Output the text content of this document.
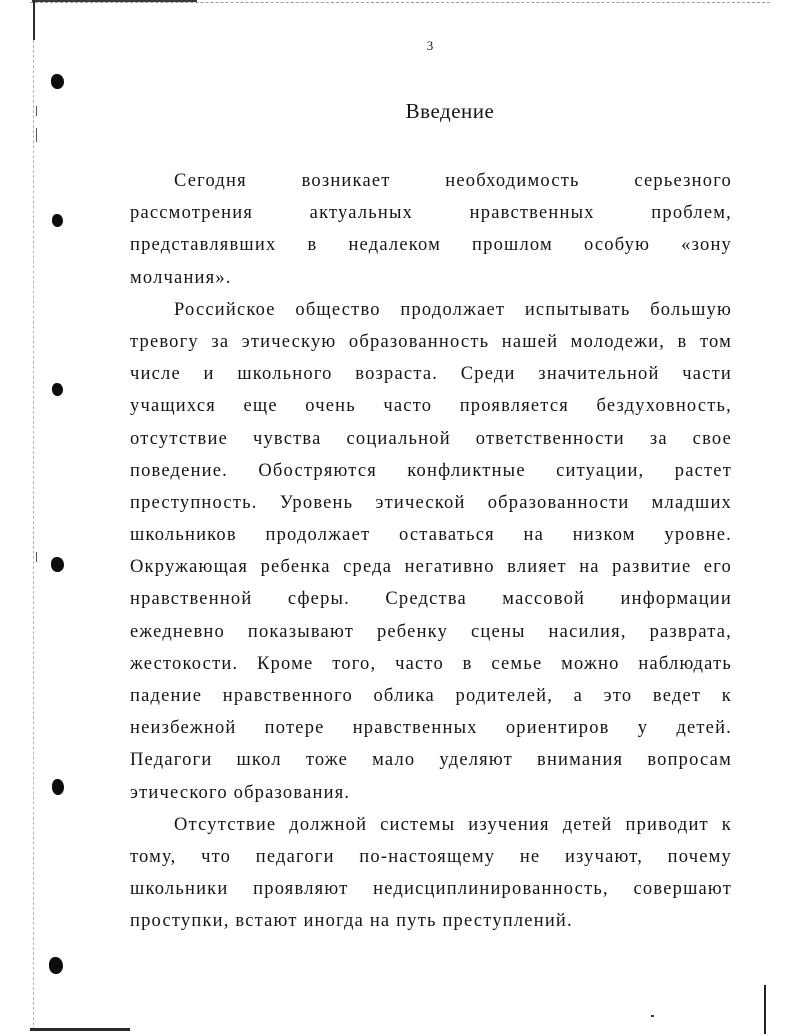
3
Введение
Сегодня возникает необходимость серьезного
рассмотрения актуальных нравственных проблем,
представлявших в недалеком прошлом особую «зону
молчания».
Российское общество продолжает испытывать большую
тревогу за этическую образованность нашей молодежи, в том
числе и школьного возраста. Среди значительной части
учащихся еще очень часто проявляется бездуховность,
отсутствие чувства социальной ответственности за свое
поведение. Обостряются конфликтные ситуации, растет
преступность. Уровень этической образованности младших
школьников продолжает оставаться на низком уровне.
Окружающая ребенка среда негативно влияет на развитие его
нравственной сферы. Средства массовой информации
ежедневно показывают ребенку сцены насилия, разврата,
жестокости. Кроме того, часто в семье можно наблюдать
падение нравственного облика родителей, а это ведет к
неизбежной потере нравственных ориентиров у детей.
Педагоги школ тоже мало уделяют внимания вопросам
этического образования.
Отсутствие должной системы изучения детей приводит к
тому, что педагоги по-настоящему не изучают, почему
школьники проявляют недисциплинированность, совершают
проступки, встают иногда на путь преступлений.
